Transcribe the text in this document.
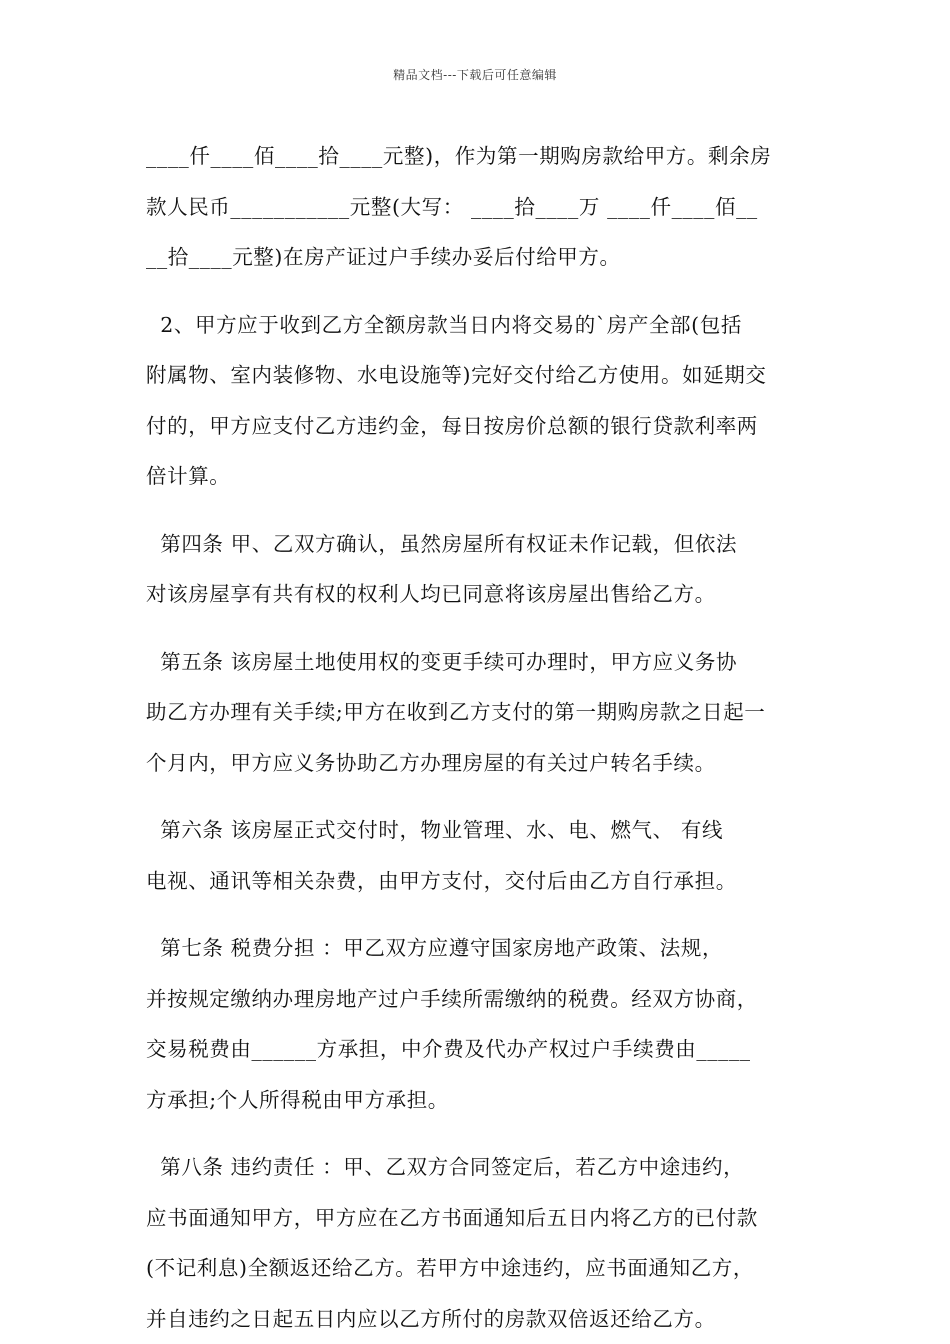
精品文档---下载后可任意编辑
____仟____佰____拾____元整)，作为第一期购房款给甲方。剩余房
款人民币___________元整(大写： ____拾____万 ____仟____佰__
__拾____元整)在房产证过户手续办妥后付给甲方。
2、甲方应于收到乙方全额房款当日内将交易的`房产全部(包括
附属物、室内装修物、水电设施等)完好交付给乙方使用。如延期交
付的，甲方应支付乙方违约金，每日按房价总额的银行贷款利率两
倍计算。
第四条 甲、乙双方确认，虽然房屋所有权证未作记载，但依法
对该房屋享有共有权的权利人均已同意将该房屋出售给乙方。
第五条 该房屋土地使用权的变更手续可办理时，甲方应义务协
助乙方办理有关手续;甲方在收到乙方支付的第一期购房款之日起一
个月内，甲方应义务协助乙方办理房屋的有关过户转名手续。
第六条 该房屋正式交付时，物业管理、水、电、燃气、 有线
电视、通讯等相关杂费，由甲方支付，交付后由乙方自行承担。
第七条 税费分担 ：甲乙双方应遵守国家房地产政策、法规，
并按规定缴纳办理房地产过户手续所需缴纳的税费。经双方协商，
交易税费由______方承担，中介费及代办产权过户手续费由_____
方承担;个人所得税由甲方承担。
第八条 违约责任 ：甲、乙双方合同签定后，若乙方中途违约，
应书面通知甲方，甲方应在乙方书面通知后五日内将乙方的已付款
(不记利息)全额返还给乙方。若甲方中途违约，应书面通知乙方，
并自违约之日起五日内应以乙方所付的房款双倍返还给乙方。
